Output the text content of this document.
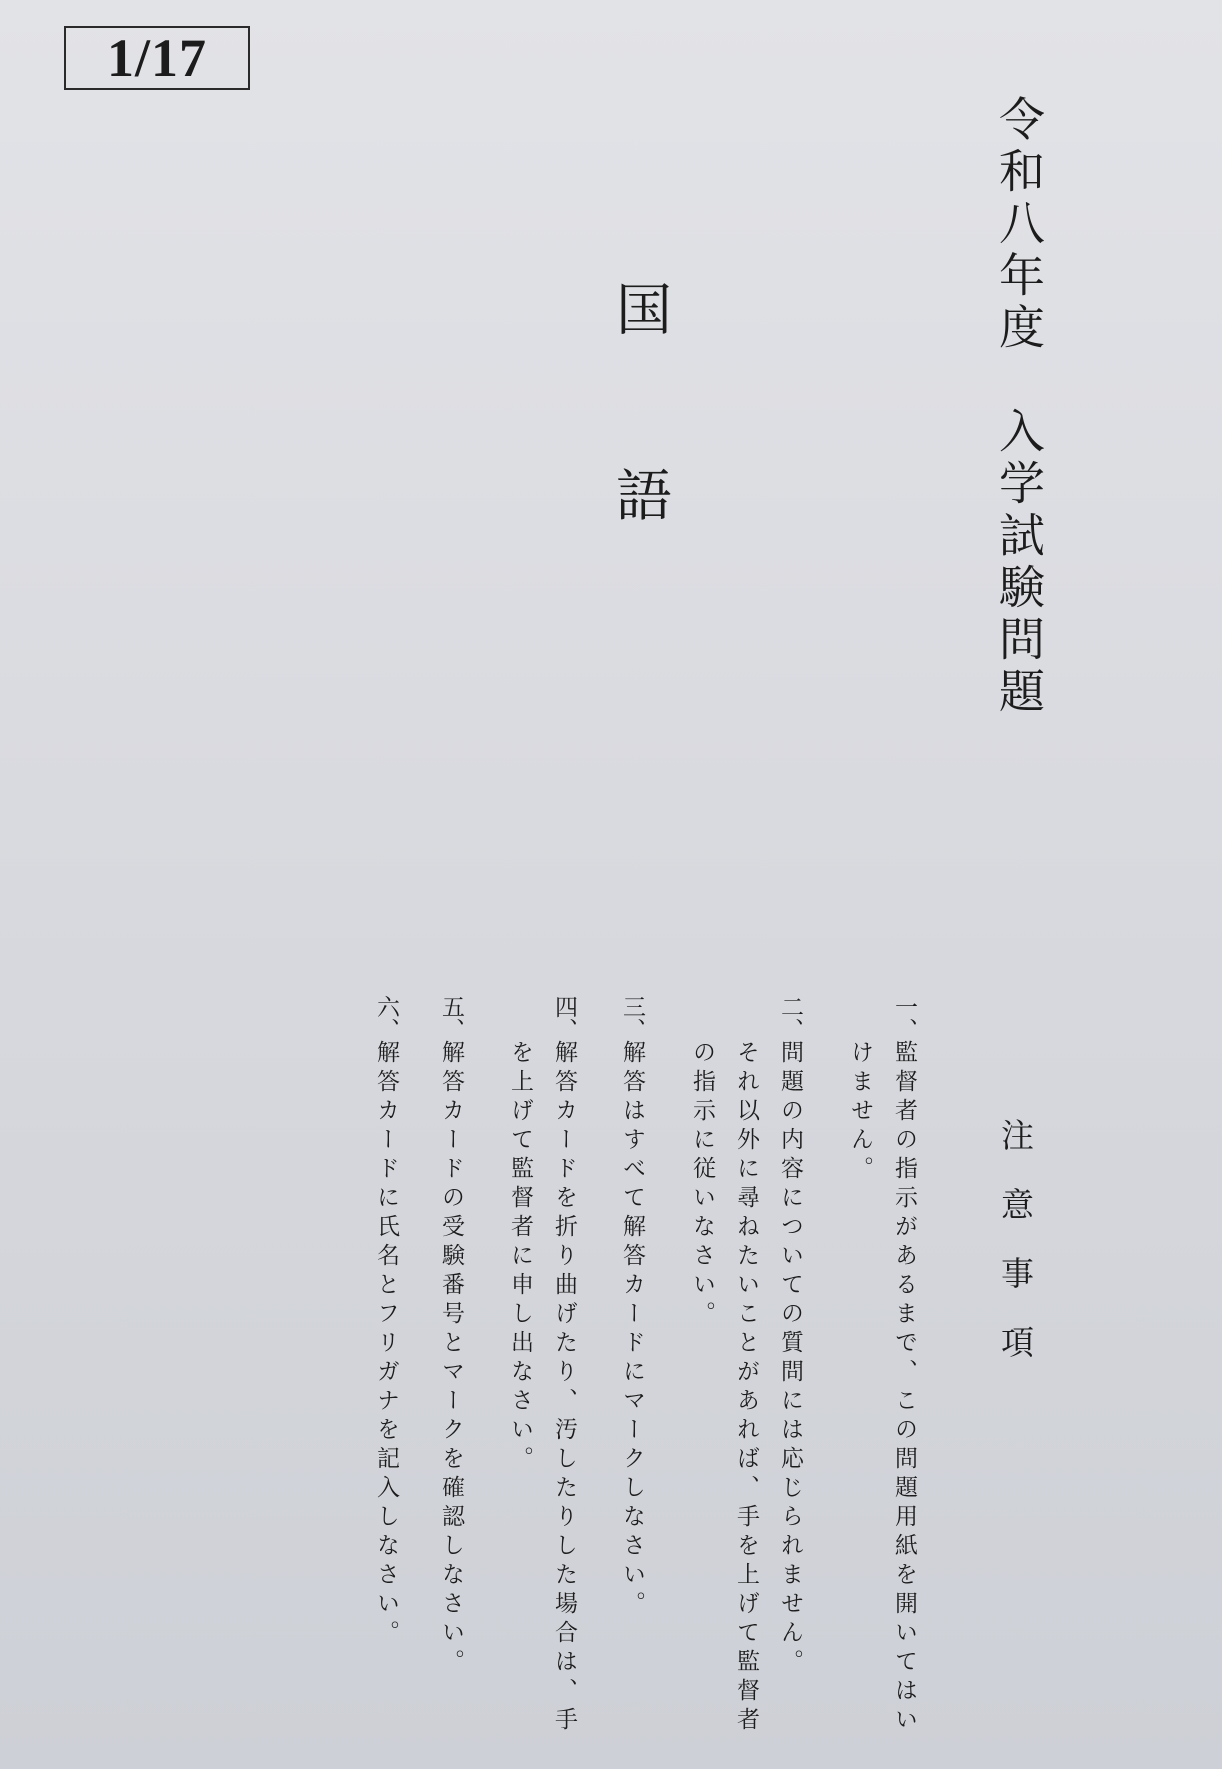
1/17
令和八年度　入学試験問題
国語
注意事項
一、
監督者の指示があるまで、この問題用紙を開いてはい
けません。
二、
問題の内容についての質問には応じられません。
それ以外に尋ねたいことがあれば、手を上げて監督者
の指示に従いなさい。
三、
解答はすべて解答カードにマークしなさい。
四、
解答カードを折り曲げたり、汚したりした場合は、手
を上げて監督者に申し出なさい。
五、
解答カードの受験番号とマークを確認しなさい。
六、
解答カードに氏名とフリガナを記入しなさい。
